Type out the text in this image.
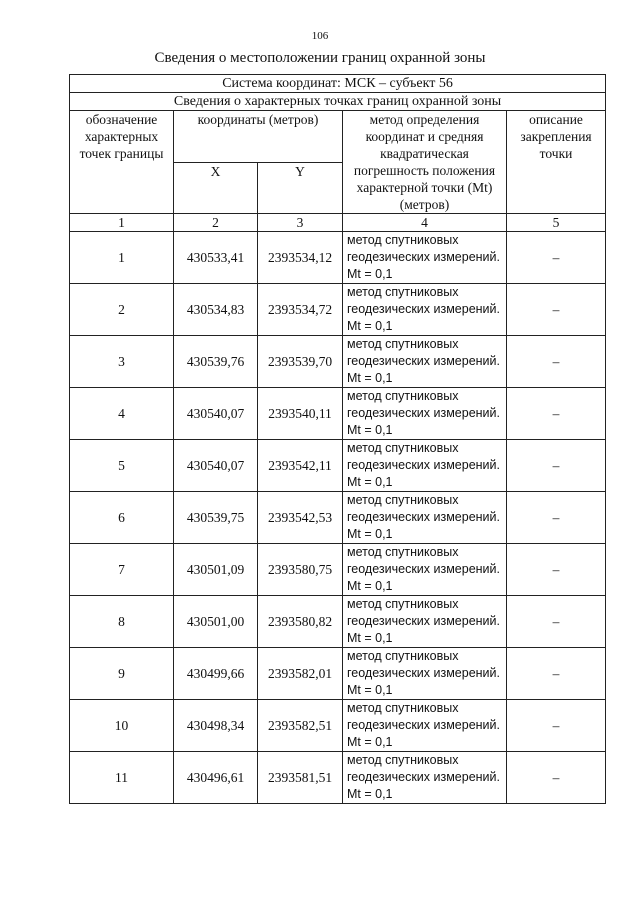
106
Сведения о местоположении границ охранной зоны
Система координат: МСК – субъект 56				
Сведения о характерных точках границ охранной зоны				
обозначение характерных точек границы	координаты (метров)		метод определения координат и средняя квадратическая погрешность положения характерной точки (Mt) (метров)	описание закрепления точки
	X	Y		
1	2	3	4	5
1	430533,41	2393534,12	метод спутниковых геодезических измерений. Mt = 0,1	–
2	430534,83	2393534,72	метод спутниковых геодезических измерений. Mt = 0,1	–
3	430539,76	2393539,70	метод спутниковых геодезических измерений. Mt = 0,1	–
4	430540,07	2393540,11	метод спутниковых геодезических измерений. Mt = 0,1	–
5	430540,07	2393542,11	метод спутниковых геодезических измерений. Mt = 0,1	–
6	430539,75	2393542,53	метод спутниковых геодезических измерений. Mt = 0,1	–
7	430501,09	2393580,75	метод спутниковых геодезических измерений. Mt = 0,1	–
8	430501,00	2393580,82	метод спутниковых геодезических измерений. Mt = 0,1	–
9	430499,66	2393582,01	метод спутниковых геодезических измерений. Mt = 0,1	–
10	430498,34	2393582,51	метод спутниковых геодезических измерений. Mt = 0,1	–
11	430496,61	2393581,51	метод спутниковых геодезических измерений. Mt = 0,1	–
